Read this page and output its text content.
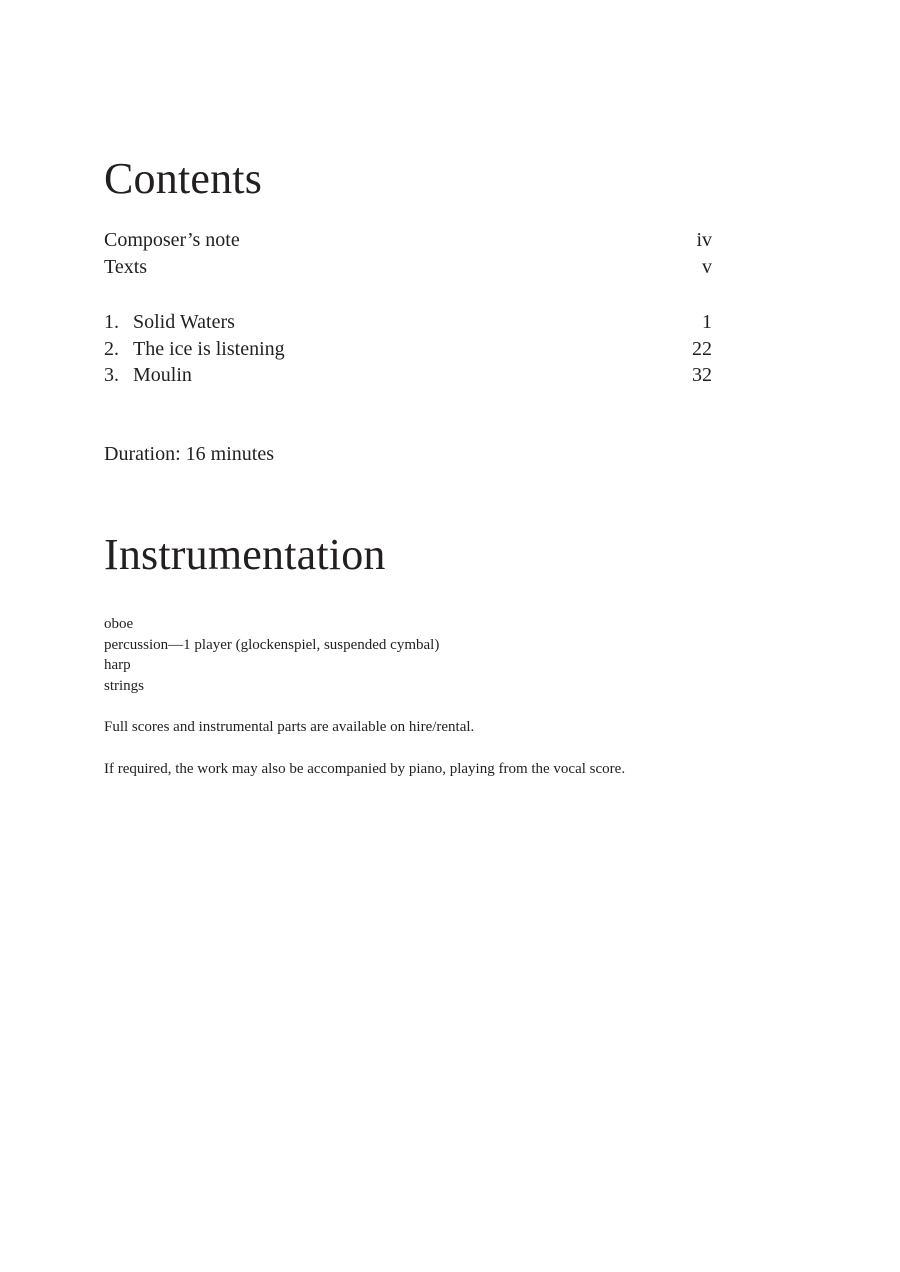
Contents
Composer’s note	iv
Texts	v
1. Solid Waters	1
2. The ice is listening	22
3. Moulin	32
Duration: 16 minutes
Instrumentation
oboe
percussion—1 player (glockenspiel, suspended cymbal)
harp
strings
Full scores and instrumental parts are available on hire/rental.
If required, the work may also be accompanied by piano, playing from the vocal score.
